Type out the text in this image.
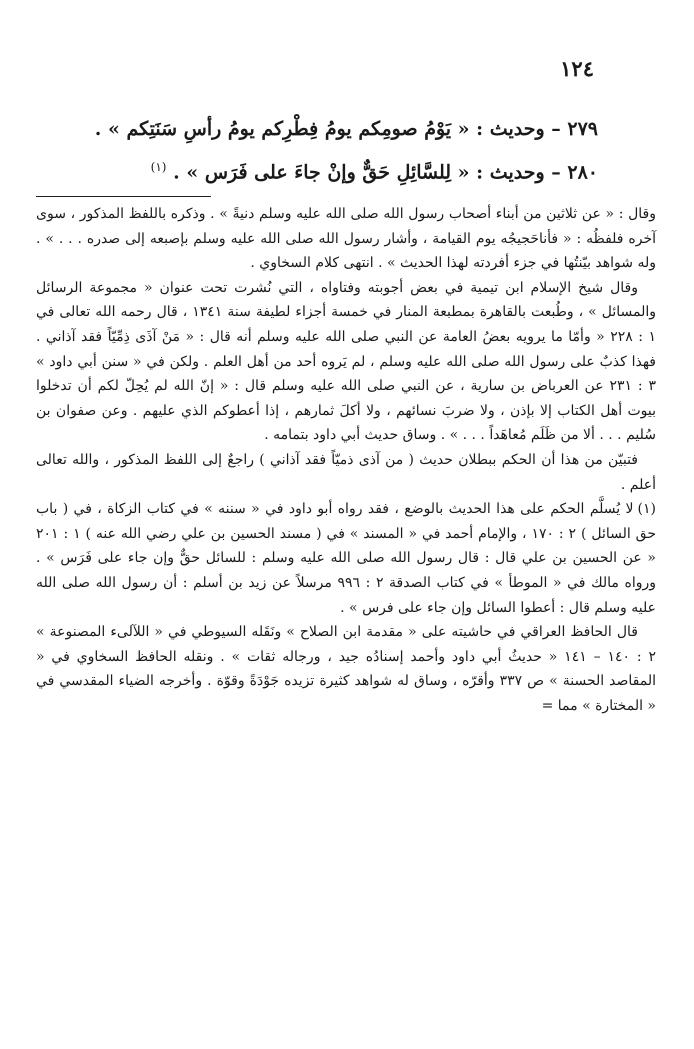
١٢٤
٢٧٩ – وحديث : « يَوْمُ صومِكم يومُ فِطْرِكم يومُ رأسِ سَنَتِكم » .
٢٨٠ – وحديث : « لِلسَّائِلِ حَقٌّ وإنْ جاءَ على فَرَس » . $^{(١)}$

وقال : « عن ثلاثين من أبناء أصحاب رسول الله صلى الله عليه وسلم دنيةً » . وذكره باللفظ المذكور ، سوى آخره فلفظُه : « فأناحَجيجُه يوم القيامة ، وأشار رسول الله صلى الله عليه وسلم بإصبعه إلى صدره . . . » . وله شواهد بيّنتُها في جزء أفردته لهذا الحديث » . انتهى كلام السخاوي .

وقال شيخ الإسلام ابن تيمية في بعض أجوبته وفتاواه ، التي نُشرت تحت عنوان « مجموعة الرسائل والمسائل » ، وطُبعت بالقاهرة بمطبعة المنار في خمسة أجزاء لطيفة سنة ١٣٤١ ، قال رحمه الله تعالى في ١ : ٢٢٨ « وأمّا ما يرويه بعضُ العامة عن النبي صلى الله عليه وسلم أنه قال : « مَنْ آذَى ذِمِّيّاً فقد آذاني . فهذا كذبٌ على رسول الله صلى الله عليه وسلم ، لم يَروه أحد من أهل العلم . ولكن في « سنن أبي داود » ٣ : ٢٣١ عن العرباض بن سارية ، عن النبي صلى الله عليه وسلم قال : « إنّ الله لم يُحِلّ لكم أن تدخلوا بيوت أهل الكتاب إلا بإذن ، ولا ضربَ نسائهم ، ولا أكلَ ثمارهم ، إذا أعطوكم الذي عليهم . وعن صفوان بن سُليم . . . ألا من ظَلَم مُعاهَداً . . . » . وساق حديث أبي داود بتمامه .

فتبيّن من هذا أن الحكم ببطلان حديث ( من آذى ذميّاً فقد آذاني ) راجعٌ إلى اللفظ المذكور ، والله تعالى أعلم .

(١)لا يُسلَّم الحكم على هذا الحديث بالوضع ، فقد رواه أبو داود في « سننه » في كتاب الزكاة ، في ( باب حق السائل ) ٢ : ١٧٠ ، والإمام أحمد في « المسند » في ( مسند الحسين بن علي رضي الله عنه ) ١ : ٢٠١ « عن الحسين بن علي قال : قال رسول الله صلى الله عليه وسلم : للسائل حقٌّ وإن جاء على فَرَس » . ورواه مالك في « الموطأ » في كتاب الصدقة ٢ : ٩٩٦ مرسلاً عن زيد بن أسلم : أن رسول الله صلى الله عليه وسلم قال : أعطوا السائل وإن جاء على فرس » .

قال الحافظ العراقي في حاشيته على « مقدمة ابن الصلاح » ونَقَله السيوطي في « اللآلىء المصنوعة » ٢ : ١٤٠ – ١٤١ « حديثُ أبي داود وأحمد إسنادُه جيد ، ورجاله ثقات » . ونقله الحافظ السخاوي في « المقاصد الحسنة » ص ٣٣٧ وأقرّه ، وساق له شواهد كثيرة تزيده جَوْدَةً وقوّة . وأخرجه الضياء المقدسي في « المختارة » مما =
